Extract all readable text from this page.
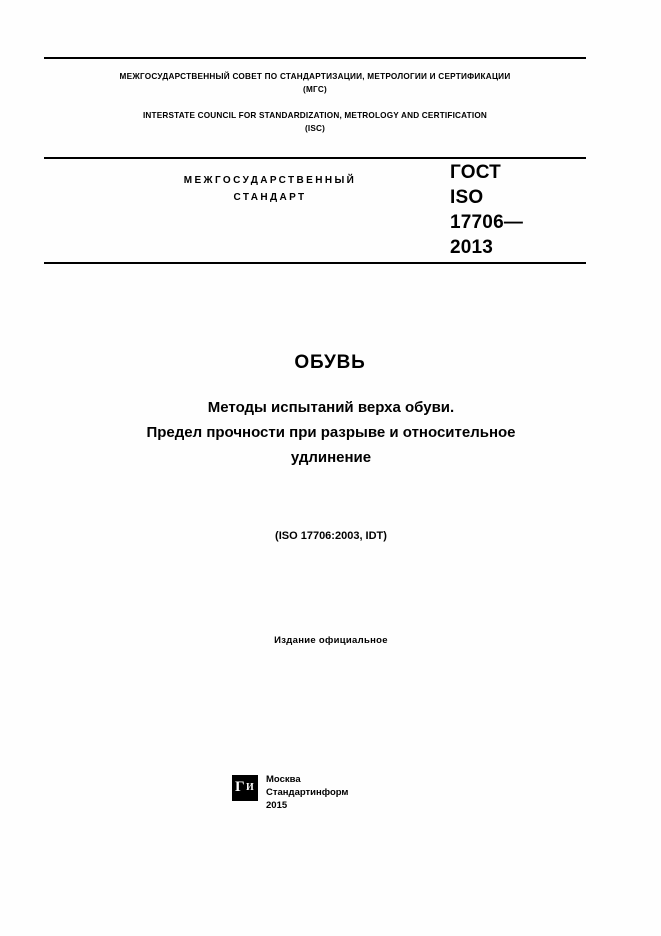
МЕЖГОСУДАРСТВЕННЫЙ СОВЕТ ПО СТАНДАРТИЗАЦИИ, МЕТРОЛОГИИ И СЕРТИФИКАЦИИ
(МГС)
INTERSTATE COUNCIL FOR STANDARDIZATION, METROLOGY AND CERTIFICATION
(ISC)
МЕЖГОСУДАРСТВЕННЫЙ
СТАНДАРТ
ГОСТ
ISO
17706—
2013
ОБУВЬ
Методы испытаний верха обуви.
Предел прочности при разрыве и относительное
удлинение
(ISO 17706:2003, IDT)
Издание официальное
Г И
Москва
Стандартинформ
2015
